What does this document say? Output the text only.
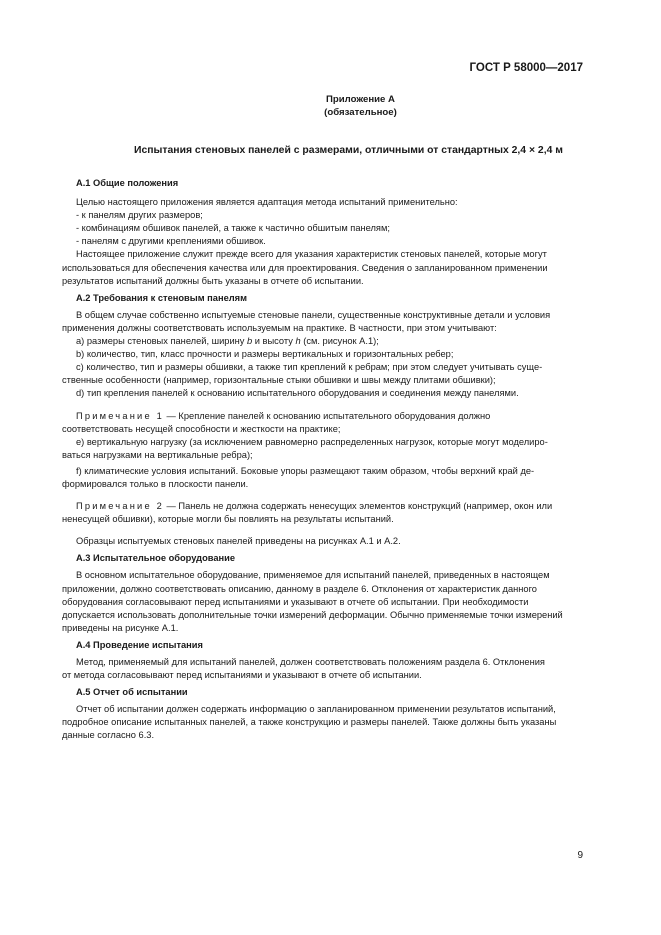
ГОСТ Р 58000—2017
Приложение А
(обязательное)
Испытания стеновых панелей с размерами, отличными от стандартных 2,4 × 2,4 м

А.1 Общие положения

Целью настоящего приложения является адаптация метода испытаний применительно:

- к панелям других размеров;

- комбинациям обшивок панелей, а также к частично обшитым панелям;

- панелям с другими креплениями обшивок.

Настоящее приложение служит прежде всего для указания характеристик стеновых панелей, которые могут

использоваться для обеспечения качества или для проектирования. Сведения о запланированном применении

результатов испытаний должны быть указаны в отчете об испытании.

А.2 Требования к стеновым панелям

В общем случае собственно испытуемые стеновые панели, существенные конструктивные детали и условия

применения должны соответствовать используемым на практике. В частности, при этом учитывают:

a) размеры стеновых панелей, ширину b и высоту h (см. рисунок А.1);

b) количество, тип, класс прочности и размеры вертикальных и горизонтальных ребер;

c) количество, тип и размеры обшивки, а также тип креплений к ребрам; при этом следует учитывать суще-

ственные особенности (например, горизонтальные стыки обшивки и швы между плитами обшивки);

d) тип крепления панелей к основанию испытательного оборудования и соединения между панелями.

Примечание 1 — Крепление панелей к основанию испытательного оборудования должно

соответствовать несущей способности и жесткости на практике;

e) вертикальную нагрузку (за исключением равномерно распределенных нагрузок, которые могут моделиро-

ваться нагрузками на вертикальные ребра);

f) климатические условия испытаний. Боковые упоры размещают таким образом, чтобы верхний край де-

формировался только в плоскости панели.

Примечание 2 — Панель не должна содержать ненесущих элементов конструкций (например, окон или

ненесущей обшивки), которые могли бы повлиять на результаты испытаний.

Образцы испытуемых стеновых панелей приведены на рисунках А.1 и А.2.

А.3 Испытательное оборудование

В основном испытательное оборудование, применяемое для испытаний панелей, приведенных в настоящем

приложении, должно соответствовать описанию, данному в разделе 6. Отклонения от характеристик данного

оборудования согласовывают перед испытаниями и указывают в отчете об испытании. При необходимости

допускается использовать дополнительные точки измерений деформации. Обычно применяемые точки измерений

приведены на рисунке А.1.

А.4 Проведение испытания

Метод, применяемый для испытаний панелей, должен соответствовать положениям раздела 6. Отклонения

от метода согласовывают перед испытаниями и указывают в отчете об испытании.

А.5 Отчет об испытании

Отчет об испытании должен содержать информацию о запланированном применении результатов испытаний,

подробное описание испытанных панелей, а также конструкцию и размеры панелей. Также должны быть указаны

данные согласно 6.3.

9
